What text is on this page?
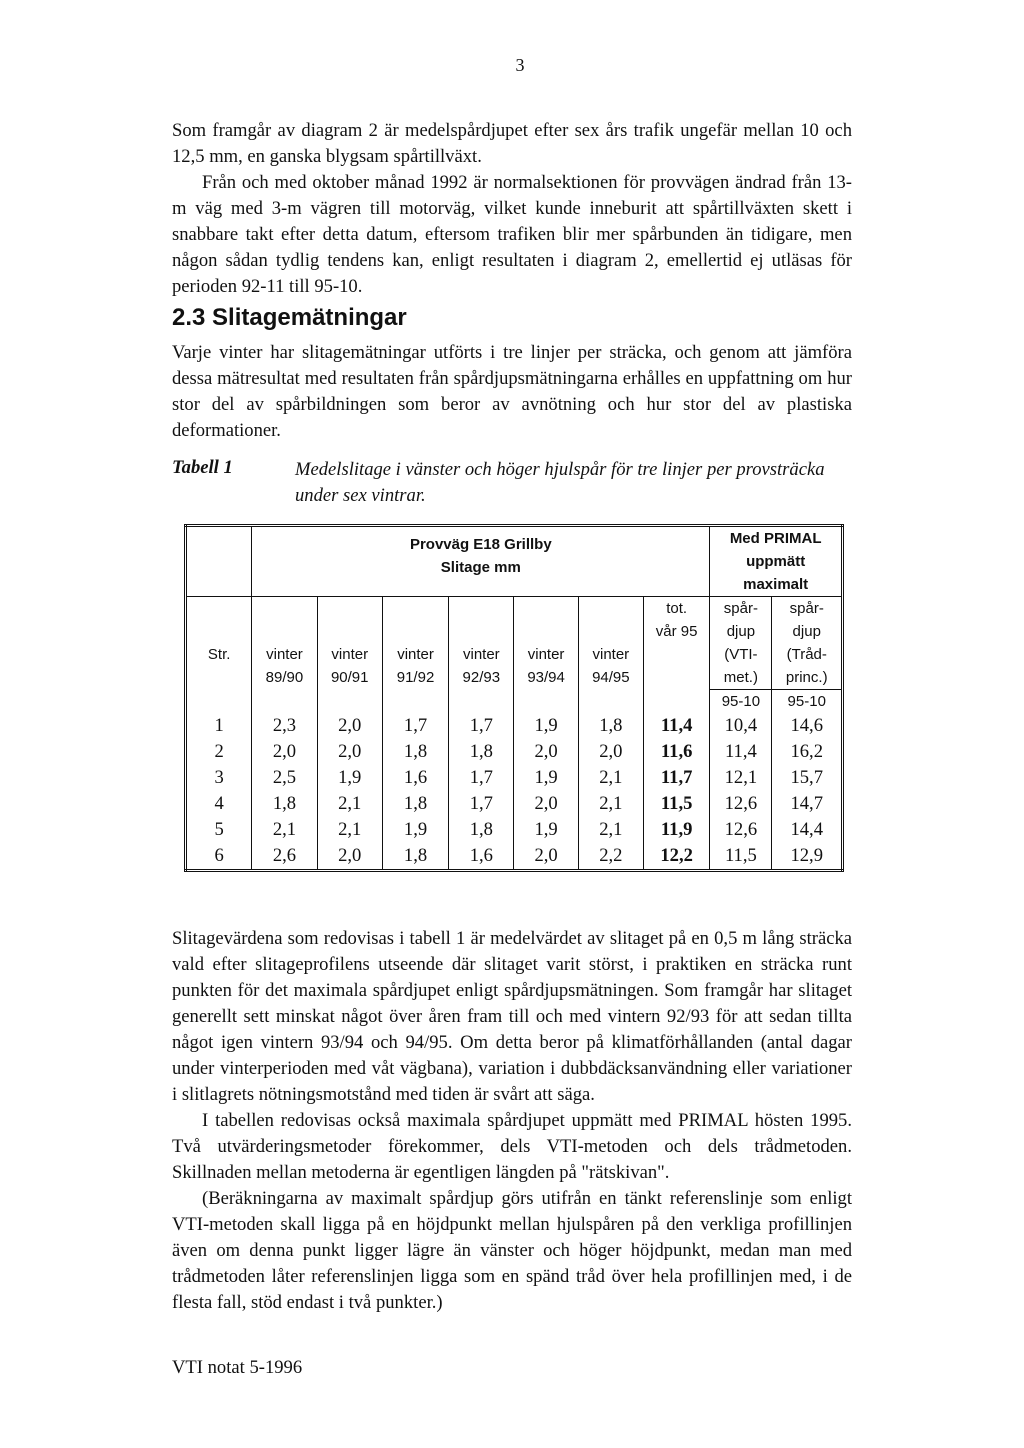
3

Som framgår av diagram 2 är medelspårdjupet efter sex års trafik ungefär mellan 10 och 12,5 mm, en ganska blygsam spårtillväxt.

Från och med oktober månad 1992 är normalsektionen för provvägen ändrad från 13-m väg med 3-m vägren till motorväg, vilket kunde inneburit att spårtillväxten skett i snabbare takt efter detta datum, eftersom trafiken blir mer spårbunden än tidigare, men någon sådan tydlig tendens kan, enligt resultaten i diagram 2, emellertid ej utläsas för perioden 92-11 till 95-10.

2.3 Slitagemätningar

Varje vinter har slitagemätningar utförts i tre linjer per sträcka, och genom att jämföra dessa mätresultat med resultaten från spårdjupsmätningarna erhålles en uppfattning om hur stor del av spårbildningen som beror av avnötning och hur stor del av plastiska deformationer.

Tabell 1	Medelslitage i vänster och höger hjulspår för tre linjer per provsträcka under sex vintrar.

	Provväg E18 Grillby
Slitage mm							Med PRIMAL	
								uppmätt	
								maximalt	
							tot.	spår-	spår-
							vår 95	djup	djup
Str.	vinter	vinter	vinter	vinter	vinter	vinter		(VTI-	(Tråd-
	89/90	90/91	91/92	92/93	93/94	94/95		met.)	princ.)
								95-10	95-10
1	2,3	2,0	1,7	1,7	1,9	1,8	11,4	10,4	14,6
2	2,0	2,0	1,8	1,8	2,0	2,0	11,6	11,4	16,2
3	2,5	1,9	1,6	1,7	1,9	2,1	11,7	12,1	15,7
4	1,8	2,1	1,8	1,7	2,0	2,1	11,5	12,6	14,7
5	2,1	2,1	1,9	1,8	1,9	2,1	11,9	12,6	14,4
6	2,6	2,0	1,8	1,6	2,0	2,2	12,2	11,5	12,9

Slitagevärdena som redovisas i tabell 1 är medelvärdet av slitaget på en 0,5 m lång sträcka vald efter slitageprofilens utseende där slitaget varit störst, i praktiken en sträcka runt punkten för det maximala spårdjupet enligt spårdjupsmätningen. Som framgår har slitaget generellt sett minskat något över åren fram till och med vintern 92/93 för att sedan tillta något igen vintern 93/94 och 94/95. Om detta beror på klimatförhållanden (antal dagar under vinterperioden med våt vägbana), variation i dubbdäcksanvändning eller variationer i slitlagrets nötningsmotstånd med tiden är svårt att säga.

I tabellen redovisas också maximala spårdjupet uppmätt med PRIMAL hösten 1995. Två utvärderingsmetoder förekommer, dels VTI-metoden och dels trådmetoden. Skillnaden mellan metoderna är egentligen längden på "rätskivan".

(Beräkningarna av maximalt spårdjup görs utifrån en tänkt referenslinje som enligt VTI-metoden skall ligga på en höjdpunkt mellan hjulspåren på den verkliga profillinjen även om denna punkt ligger lägre än vänster och höger höjdpunkt, medan man med trådmetoden låter referenslinjen ligga som en spänd tråd över hela profillinjen med, i de flesta fall, stöd endast i två punkter.)

VTI notat 5-1996
